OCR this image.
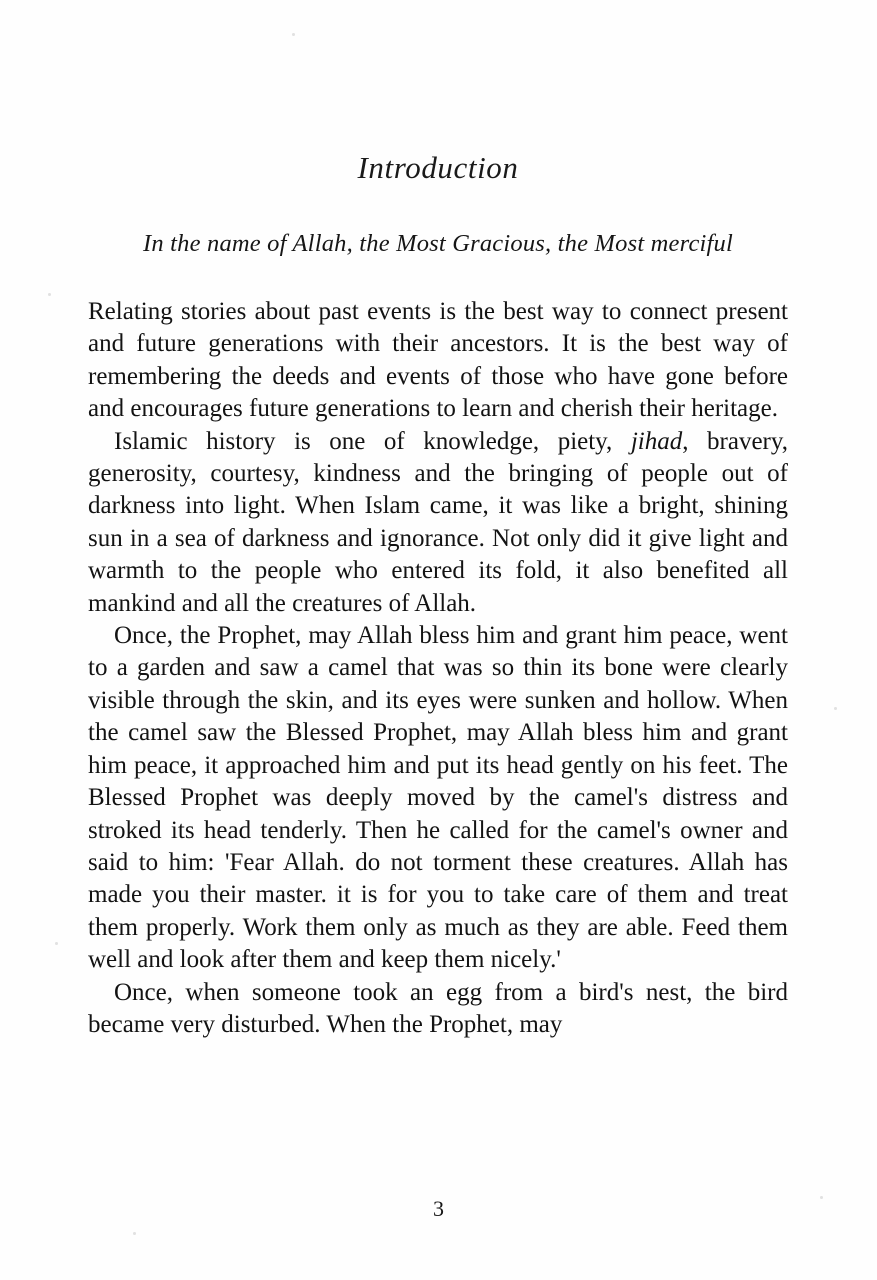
Introduction
In the name of Allah, the Most Gracious, the Most merciful

Relating stories about past events is the best way to connect present and future generations with their ancestors. It is the best way of remembering the deeds and events of those who have gone before and encourages future generations to learn and cherish their heritage.

Islamic history is one of knowledge, piety, jihad, bravery, generosity, courtesy, kindness and the bringing of people out of darkness into light. When Islam came, it was like a bright, shining sun in a sea of darkness and ignorance. Not only did it give light and warmth to the people who entered its fold, it also benefited all mankind and all the creatures of Allah.

Once, the Prophet, may Allah bless him and grant him peace, went to a garden and saw a camel that was so thin its bone were clearly visible through the skin, and its eyes were sunken and hollow. When the camel saw the Blessed Prophet, may Allah bless him and grant him peace, it approached him and put its head gently on his feet. The Blessed Prophet was deeply moved by the camel's distress and stroked its head tenderly. Then he called for the camel's owner and said to him: 'Fear Allah. do not torment these creatures. Allah has made you their master. it is for you to take care of them and treat them properly. Work them only as much as they are able. Feed them well and look after them and keep them nicely.'

Once, when someone took an egg from a bird's nest, the bird became very disturbed. When the Prophet, may

3
